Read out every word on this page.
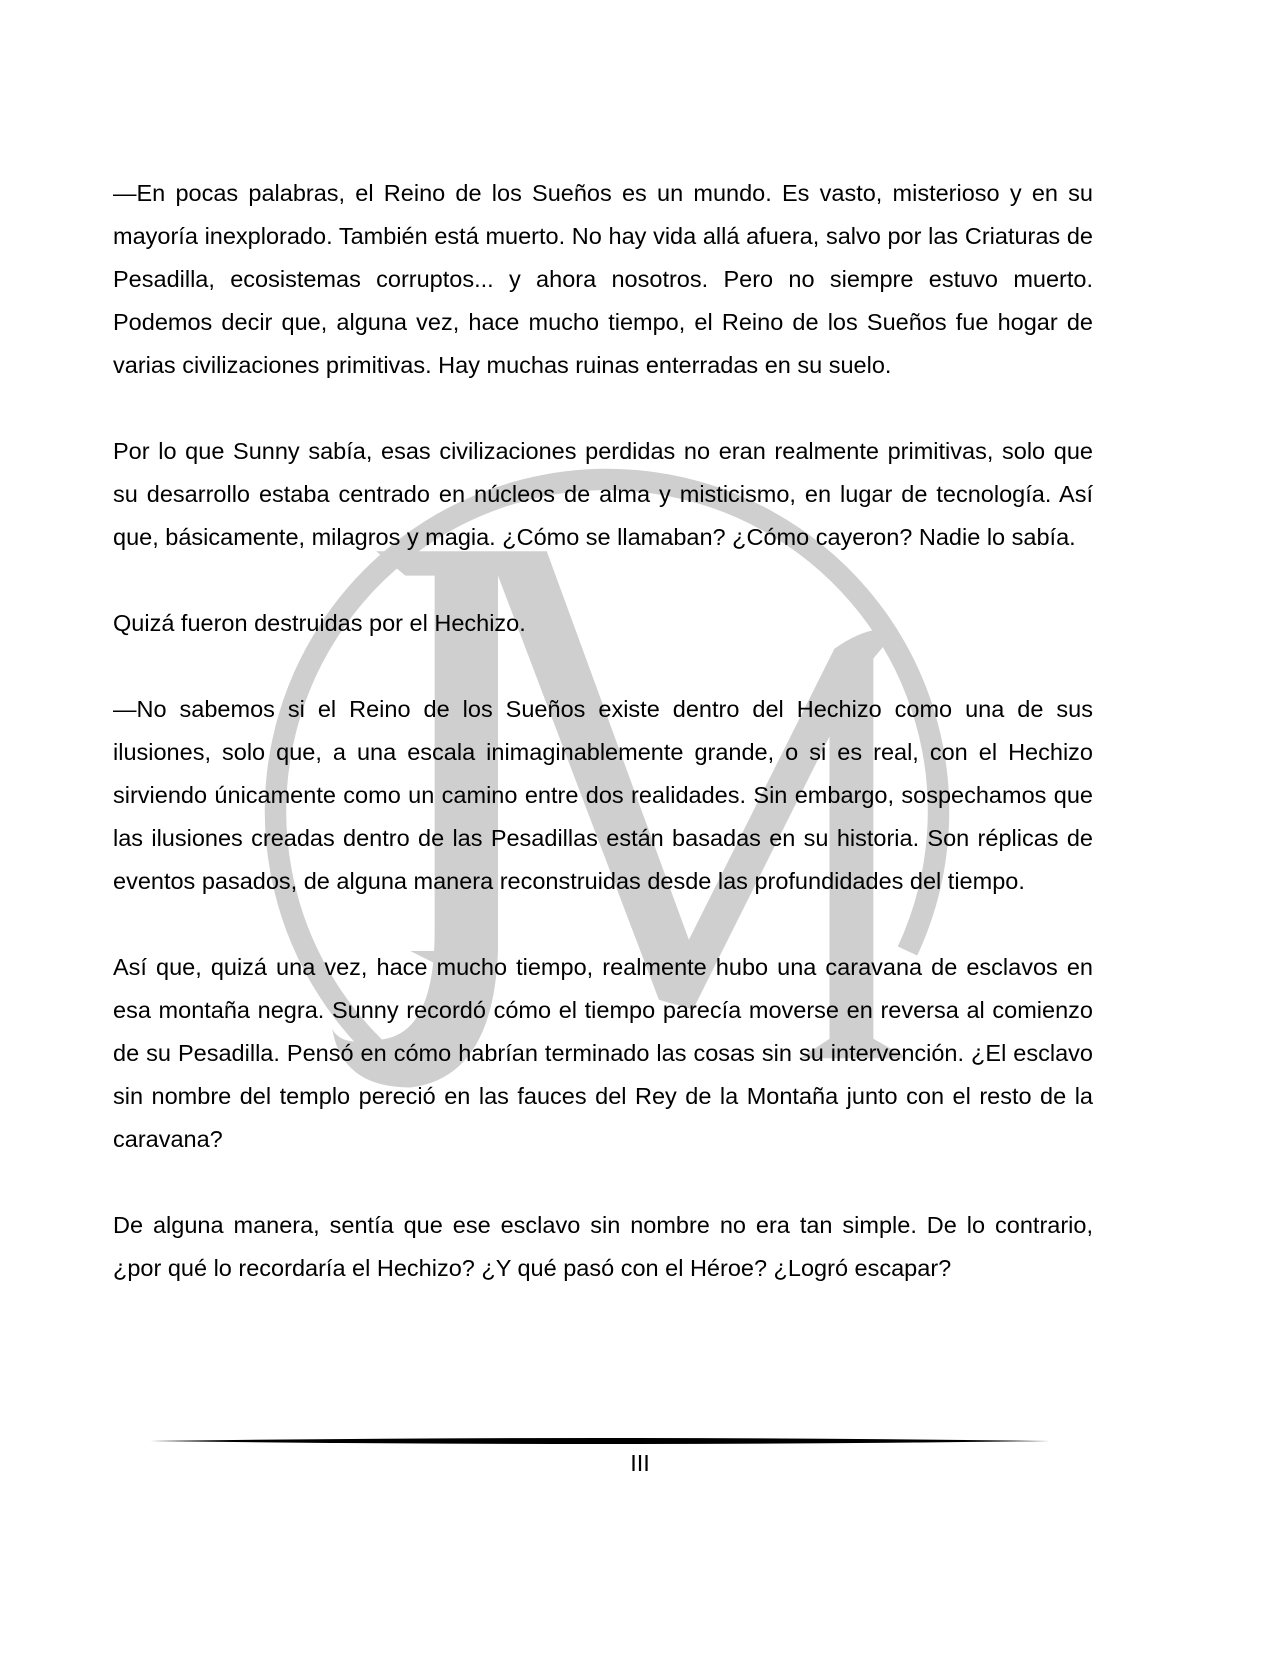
—En pocas palabras, el Reino de los Sueños es un mundo. Es vasto, misterioso y en su mayoría inexplorado. También está muerto. No hay vida allá afuera, salvo por las Criaturas de Pesadilla, ecosistemas corruptos... y ahora nosotros. Pero no siempre estuvo muerto. Podemos decir que, alguna vez, hace mucho tiempo, el Reino de los Sueños fue hogar de varias civilizaciones primitivas. Hay muchas ruinas enterradas en su suelo.

Por lo que Sunny sabía, esas civilizaciones perdidas no eran realmente primitivas, solo que su desarrollo estaba centrado en núcleos de alma y misticismo, en lugar de tecnología. Así que, básicamente, milagros y magia. ¿Cómo se llamaban? ¿Cómo cayeron? Nadie lo sabía.

Quizá fueron destruidas por el Hechizo.

—No sabemos si el Reino de los Sueños existe dentro del Hechizo como una de sus ilusiones, solo que, a una escala inimaginablemente grande, o si es real, con el Hechizo sirviendo únicamente como un camino entre dos realidades. Sin embargo, sospechamos que las ilusiones creadas dentro de las Pesadillas están basadas en su historia. Son réplicas de eventos pasados, de alguna manera reconstruidas desde las profundidades del tiempo.

Así que, quizá una vez, hace mucho tiempo, realmente hubo una caravana de esclavos en esa montaña negra. Sunny recordó cómo el tiempo parecía moverse en reversa al comienzo de su Pesadilla. Pensó en cómo habrían terminado las cosas sin su intervención. ¿El esclavo sin nombre del templo pereció en las fauces del Rey de la Montaña junto con el resto de la caravana?

De alguna manera, sentía que ese esclavo sin nombre no era tan simple. De lo contrario, ¿por qué lo recordaría el Hechizo? ¿Y qué pasó con el Héroe? ¿Logró escapar?

III
